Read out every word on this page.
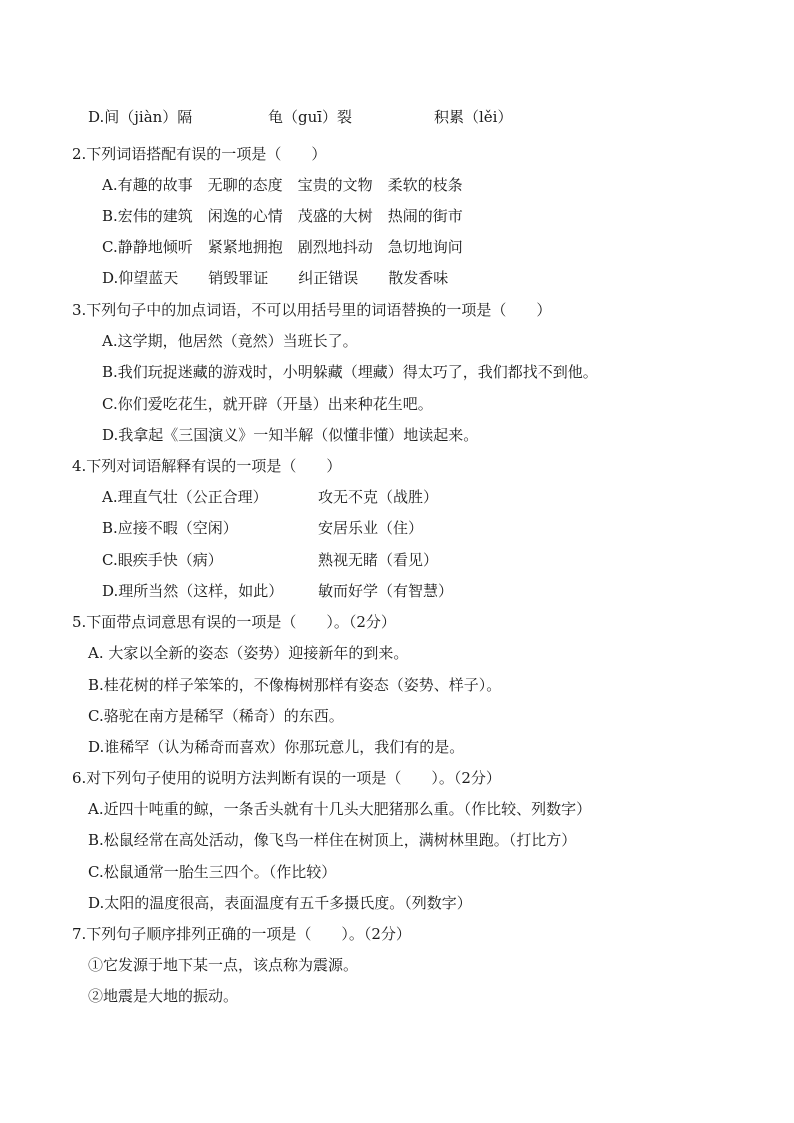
D.间（jiàn）隔	龟（guī）裂	积累（lěi）
2.下列词语搭配有误的一项是（　　）
A.有趣的故事　无聊的态度　宝贵的文物　柔软的枝条
B.宏伟的建筑　闲逸的心情　茂盛的大树　热闹的街市
C.静静地倾听　紧紧地拥抱　剧烈地抖动　急切地询问
D.仰望蓝天　　销毁罪证　　纠正错误　　散发香味
3.下列句子中的加点词语，不可以用括号里的词语替换的一项是（　　）
A.这学期，他居然（竟然）当班长了。
B.我们玩捉迷藏的游戏时，小明躲藏（埋藏）得太巧了，我们都找不到他。
C.你们爱吃花生，就开辟（开垦）出来种花生吧。
D.我拿起《三国演义》一知半解（似懂非懂）地读起来。
4.下列对词语解释有误的一项是（　　）
A.理直气壮（公正合理）	攻无不克（战胜）
B.应接不暇（空闲）	安居乐业（住）
C.眼疾手快（病）	熟视无睹（看见）
D.理所当然（这样，如此） 敏而好学（有智慧）
5.下面带点词意思有误的一项是（　　）。（2分）
A. 大家以全新的姿态（姿势）迎接新年的到来。
B.桂花树的样子笨笨的，不像梅树那样有姿态（姿势、样子）。
C.骆驼在南方是稀罕（稀奇）的东西。
D.谁稀罕（认为稀奇而喜欢）你那玩意儿，我们有的是。
6.对下列句子使用的说明方法判断有误的一项是（　　）。（2分）
A.近四十吨重的鲸，一条舌头就有十几头大肥猪那么重。（作比较、列数字）
B.松鼠经常在高处活动，像飞鸟一样住在树顶上，满树林里跑。（打比方）
C.松鼠通常一胎生三四个。（作比较）
D.太阳的温度很高，表面温度有五千多摄氏度。（列数字）
7.下列句子顺序排列正确的一项是（　　）。（2分）
①它发源于地下某一点，该点称为震源。
②地震是大地的振动。
